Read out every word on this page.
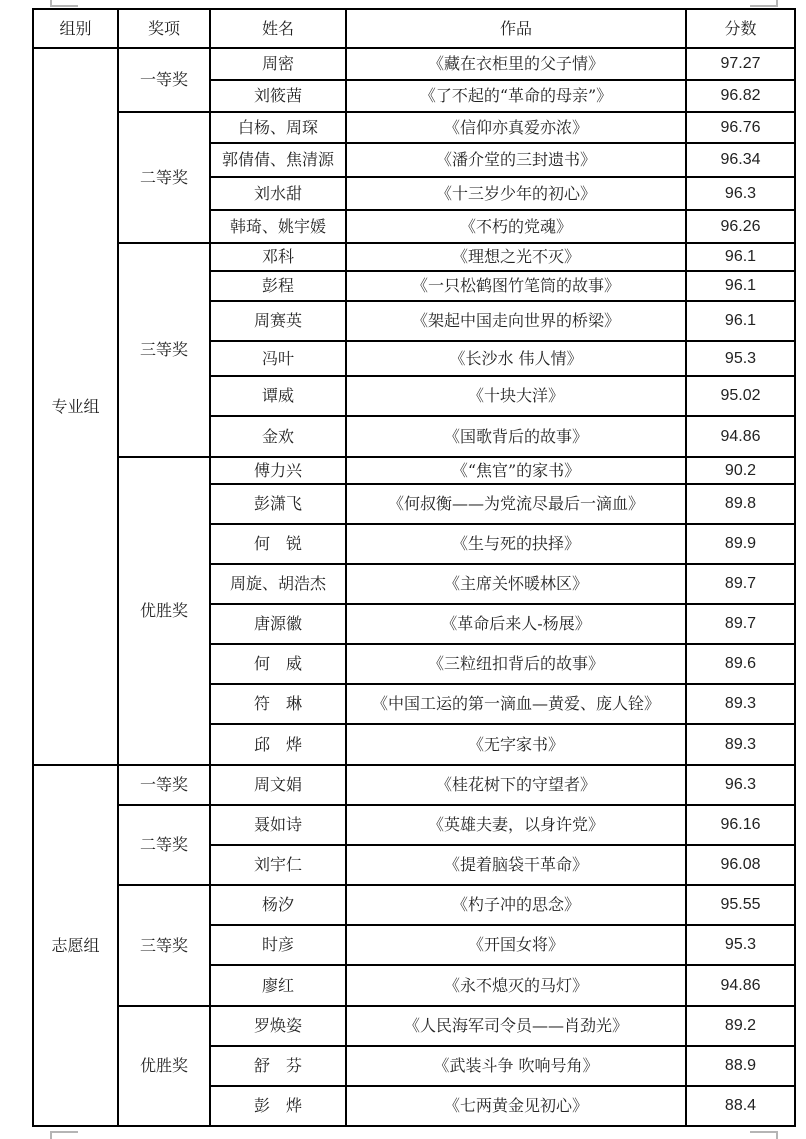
组别	奖项	姓名	作品	分数
专业组	一等奖	周密	《藏在衣柜里的父子情》	97.27
		刘筱茜	《了不起的“革命的母亲”》	96.82
	二等奖	白杨、周琛	《信仰亦真爱亦浓》	96.76
		郭倩倩、焦清源	《潘介堂的三封遗书》	96.34
		刘水甜	《十三岁少年的初心》	96.3
		韩琦、姚宇媛	《不朽的党魂》	96.26
	三等奖	邓科	《理想之光不灭》	96.1
		彭程	《一只松鹤图竹笔筒的故事》	96.1
		周赛英	《架起中国走向世界的桥梁》	96.1
		冯叶	《长沙水 伟人情》	95.3
		谭威	《十块大洋》	95.02
		金欢	《国歌背后的故事》	94.86
	优胜奖	傅力兴	《“焦官”的家书》	90.2
		彭潇飞	《何叔衡——为党流尽最后一滴血》	89.8
		何　锐	《生与死的抉择》	89.9
		周旋、胡浩杰	《主席关怀暖林区》	89.7
		唐源徽	《革命后来人-杨展》	89.7
		何　威	《三粒纽扣背后的故事》	89.6
		符　琳	《中国工运的第一滴血—黄爱、庞人铨》	89.3
		邱　烨	《无字家书》	89.3
志愿组	一等奖	周文娟	《桂花树下的守望者》	96.3
	二等奖	聂如诗	《英雄夫妻，以身许党》	96.16
		刘宇仁	《提着脑袋干革命》	96.08
	三等奖	杨汐	《杓子冲的思念》	95.55
		时彦	《开国女将》	95.3
		廖红	《永不熄灭的马灯》	94.86
	优胜奖	罗焕姿	《人民海军司令员——肖劲光》	89.2
		舒　芬	《武装斗争 吹响号角》	88.9
		彭　烨	《七两黄金见初心》	88.4
